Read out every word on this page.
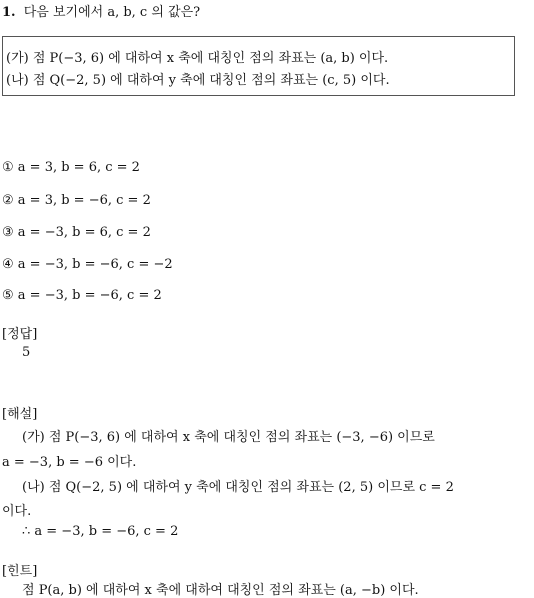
1. 다음 보기에서 a, b, c 의 값은?
(가) 점 P(−3, 6) 에 대하여 x 축에 대칭인 점의 좌표는 (a, b) 이다.
(나) 점 Q(−2, 5) 에 대하여 y 축에 대칭인 점의 좌표는 (c, 5) 이다.
① a = 3, b = 6, c = 2
② a = 3, b = −6, c = 2
③ a = −3, b = 6, c = 2
④ a = −3, b = −6, c = −2
⑤ a = −3, b = −6, c = 2
[정답]
5
[해설]
(가) 점 P(−3, 6) 에 대하여 x 축에 대칭인 점의 좌표는 (−3, −6) 이므로
a = −3, b = −6 이다.
(나) 점 Q(−2, 5) 에 대하여 y 축에 대칭인 점의 좌표는 (2, 5) 이므로 c = 2
이다.
∴ a = −3, b = −6, c = 2
[힌트]
점 P(a, b) 에 대하여 x 축에 대하여 대칭인 점의 좌표는 (a, −b) 이다.
